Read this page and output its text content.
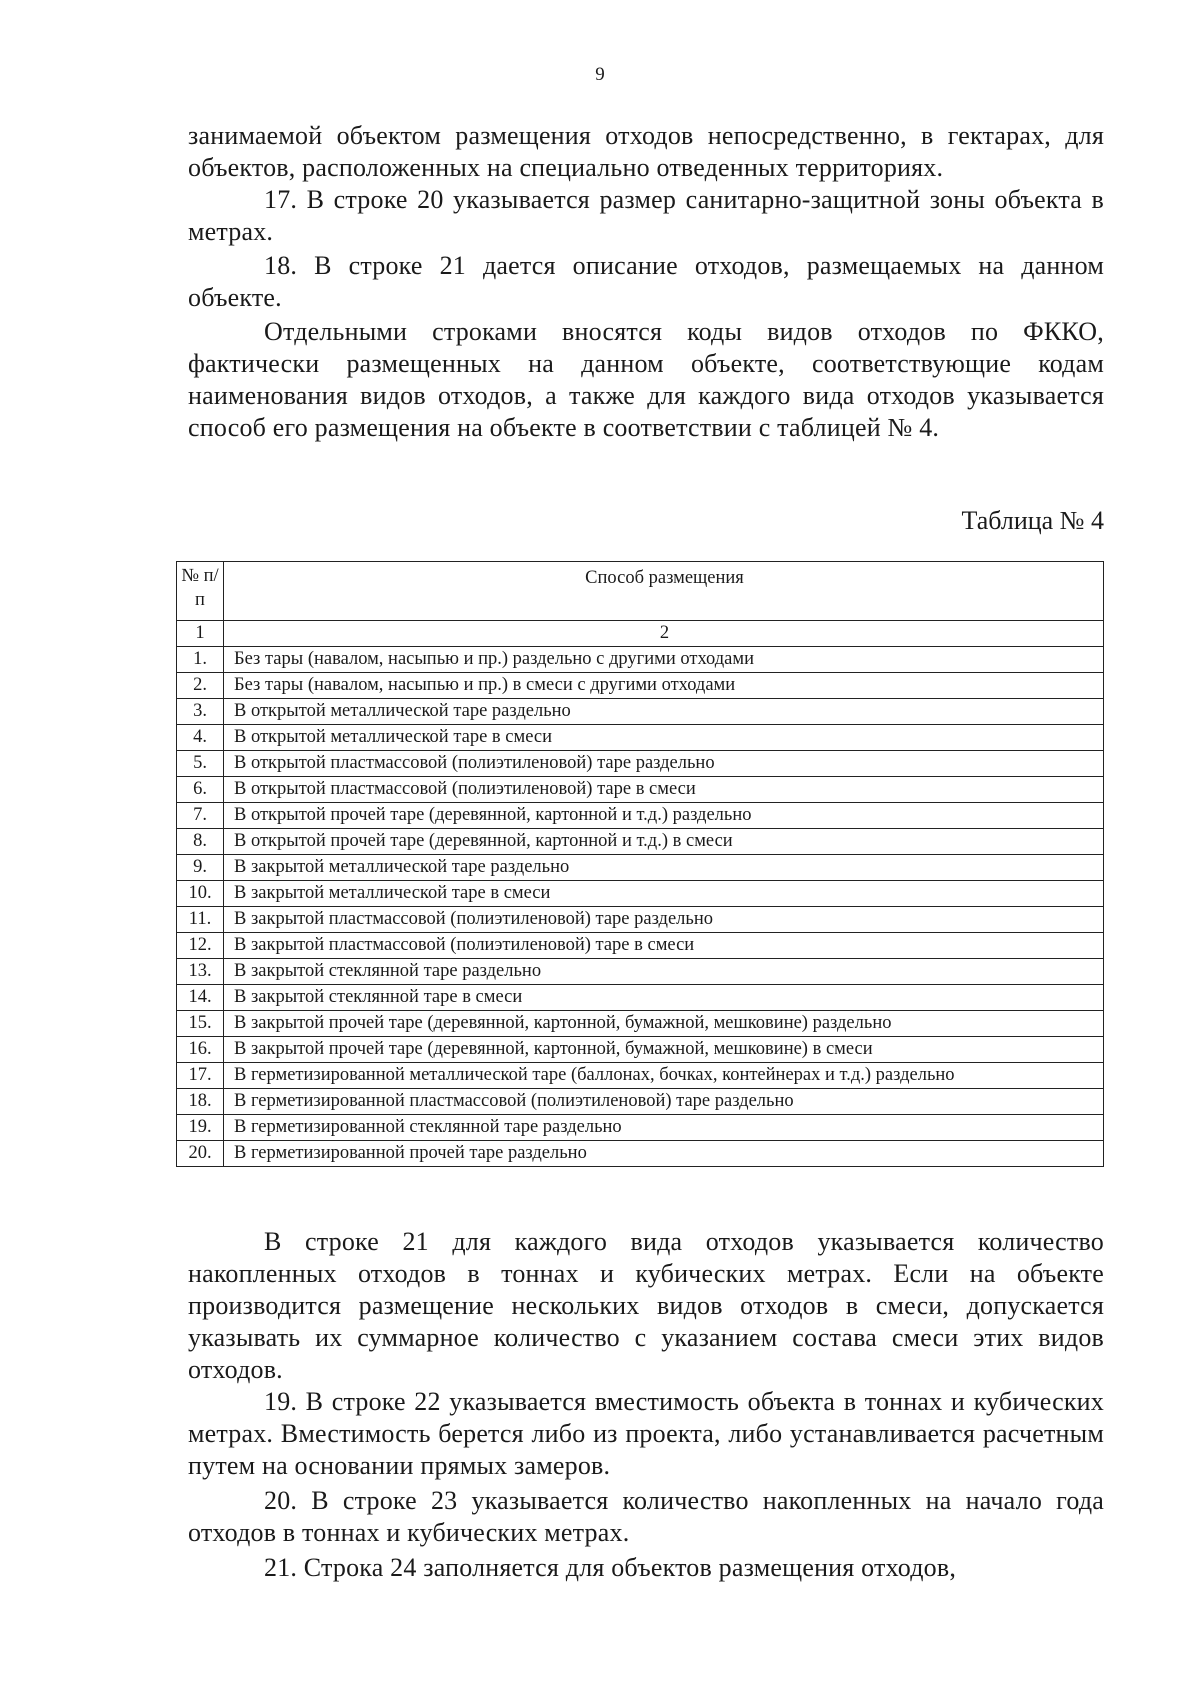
9

занимаемой объектом размещения отходов непосредственно, в гектарах, для объектов, расположенных на специально отведенных территориях.

17. В строке 20 указывается размер санитарно-защитной зоны объекта в метрах.

18. В строке 21 дается описание отходов, размещаемых на данном объекте.

Отдельными строками вносятся коды видов отходов по ФККО, фактически размещенных на данном объекте, соответствующие кодам наименования видов отходов, а также для каждого вида отходов указывается способ его размещения на объекте в соответствии с таблицей № 4.

Таблица № 4
№ п/п	Способ размещения
1	2
1.	Без тары (навалом, насыпью и пр.) раздельно с другими отходами
2.	Без тары (навалом, насыпью и пр.) в смеси с другими отходами
3.	В открытой металлической таре раздельно
4.	В открытой металлической таре в смеси
5.	В открытой пластмассовой (полиэтиленовой) таре раздельно
6.	В открытой пластмассовой (полиэтиленовой) таре в смеси
7.	В открытой прочей таре (деревянной, картонной и т.д.) раздельно
8.	В открытой прочей таре (деревянной, картонной и т.д.) в смеси
9.	В закрытой металлической таре раздельно
10.	В закрытой металлической таре в смеси
11.	В закрытой пластмассовой (полиэтиленовой) таре раздельно
12.	В закрытой пластмассовой (полиэтиленовой) таре в смеси
13.	В закрытой стеклянной таре раздельно
14.	В закрытой стеклянной таре в смеси
15.	В закрытой прочей таре (деревянной, картонной, бумажной, мешковине) раздельно
16.	В закрытой прочей таре (деревянной, картонной, бумажной, мешковине) в смеси
17.	В герметизированной металлической таре (баллонах, бочках, контейнерах и т.д.) раздельно
18.	В герметизированной пластмассовой (полиэтиленовой) таре раздельно
19.	В герметизированной стеклянной таре раздельно
20.	В герметизированной прочей таре раздельно

В строке 21 для каждого вида отходов указывается количество накопленных отходов в тоннах и кубических метрах. Если на объекте производится размещение нескольких видов отходов в смеси, допускается указывать их суммарное количество с указанием состава смеси этих видов отходов.

19. В строке 22 указывается вместимость объекта в тоннах и кубических метрах. Вместимость берется либо из проекта, либо устанавливается расчетным путем на основании прямых замеров.

20. В строке 23 указывается количество накопленных на начало года отходов в тоннах и кубических метрах.

21. Строка 24 заполняется для объектов размещения отходов,
